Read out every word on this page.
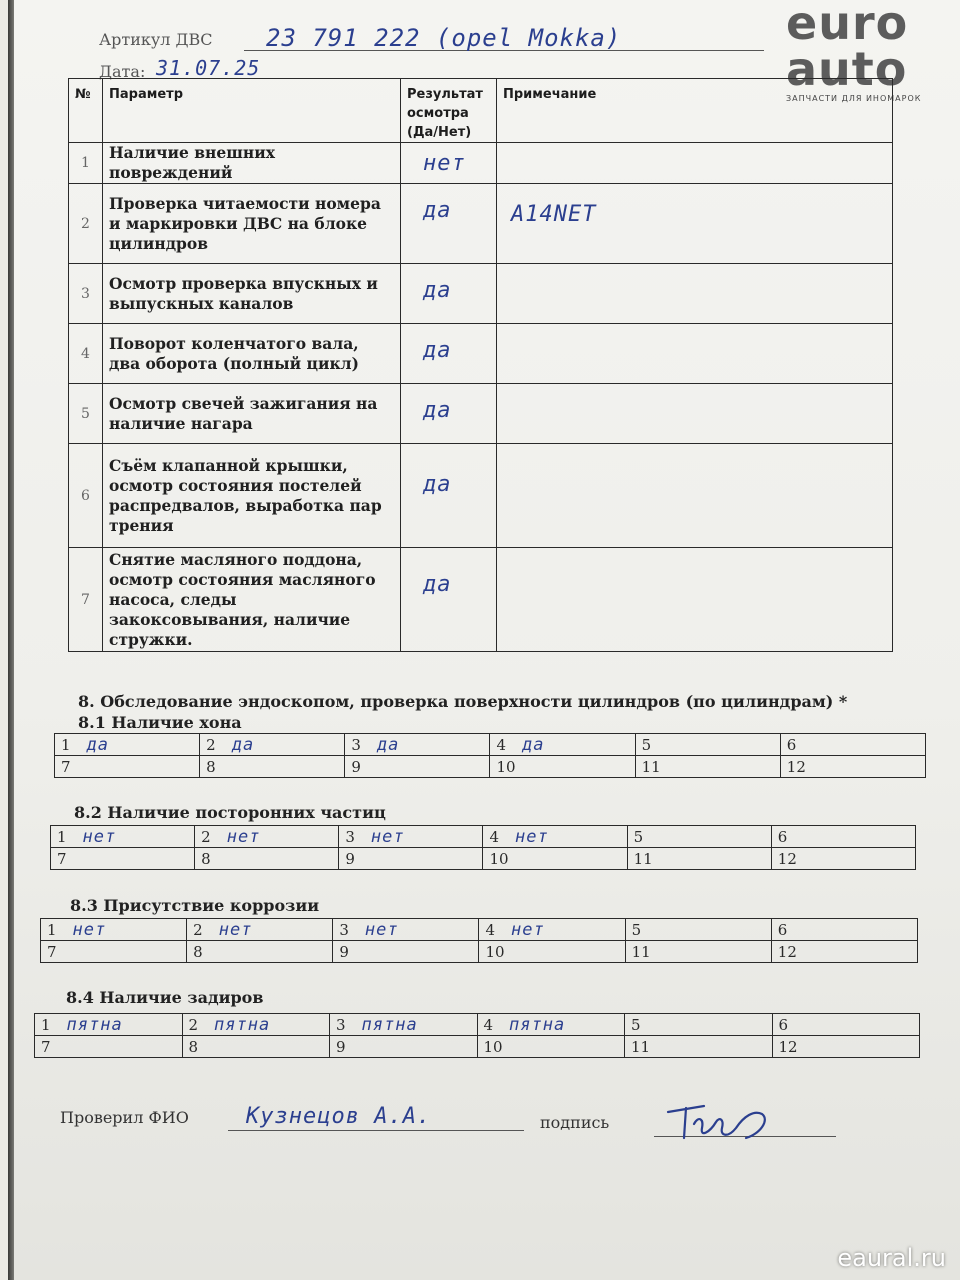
Артикул ДВС 23 791 222 (opel Mokka)
Дата: 31.07.25
euro
auto
ЗАПЧАСТИ ДЛЯ ИНОМАРОК
№	Параметр	Результат осмотра (Да/Нет)	Примечание
1	Наличие внешних повреждений	нет	
2	Проверка читаемости номера и маркировки ДВС на блоке цилиндров	да	A14NET
3	Осмотр проверка впускных и выпускных каналов	да	
4	Поворот коленчатого вала, два оборота (полный цикл)	да	
5	Осмотр свечей зажигания на наличие нагара	да	
6	Съём клапанной крышки, осмотр состояния постелей распредвалов, выработка пар трения	да	
7	Снятие масляного поддона, осмотр состояния масляного насоса, следы закоксовывания, наличие стружки.	да	
8. Обследование эндоскопом, проверка поверхности цилиндров (по цилиндрам) *
8.1 Наличие хона
1 да	2 да	3 да	4 да	5	6
7	8	9	10	11	12
8.2 Наличие посторонних частиц
1 нет	2 нет	3 нет	4 нет	5	6
7	8	9	10	11	12
8.3 Присутствие коррозии
1 нет	2 нет	3 нет	4 нет	5	6
7	8	9	10	11	12
8.4 Наличие задиров
1 пятна	2 пятна	3 пятна	4 пятна	5	6
7	8	9	10	11	12
Проверил ФИО	Кузнецов А.А.	подпись
eaural.ru
